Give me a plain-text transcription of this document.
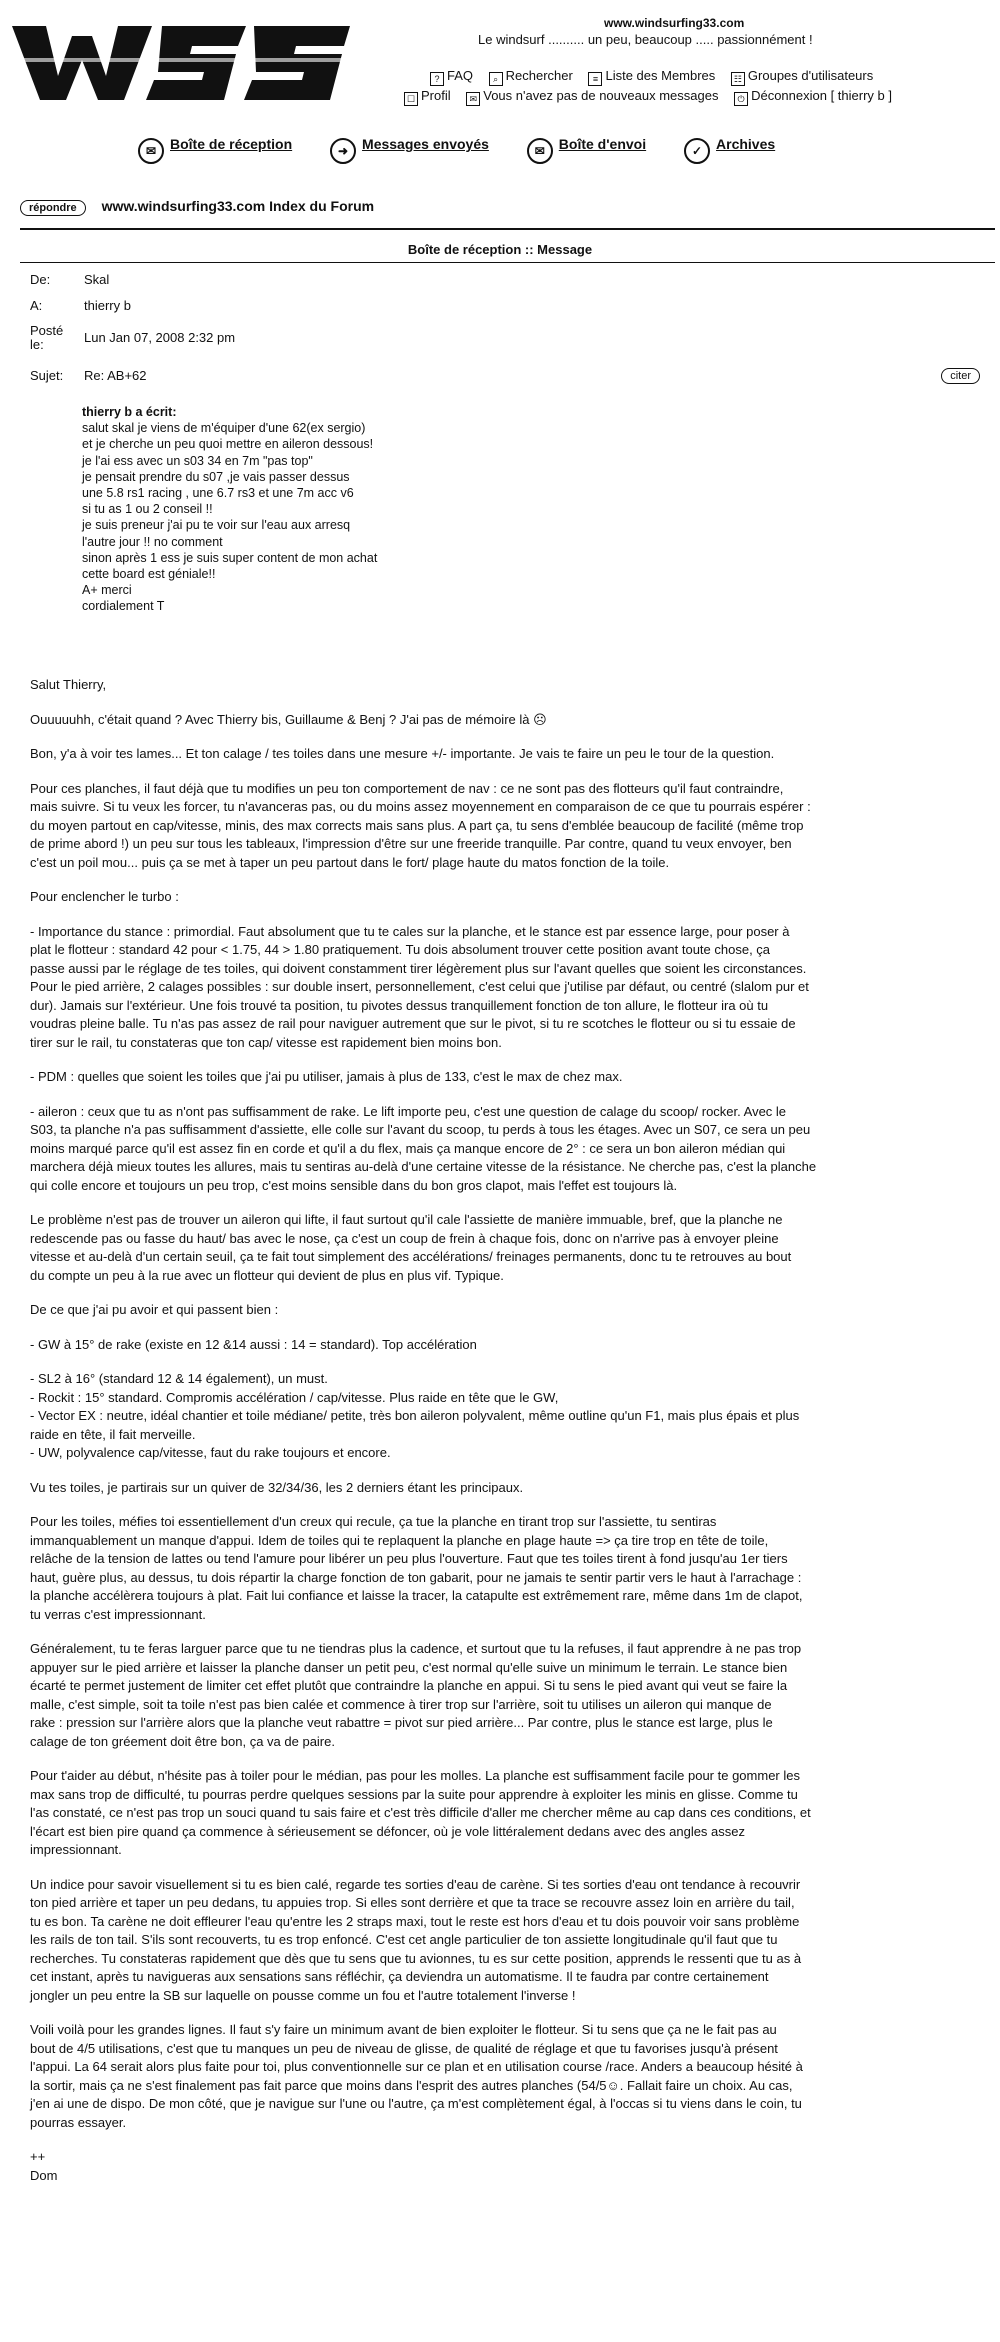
www.windsurfing33.com
Le windsurf .......... un peu, beaucoup ..... passionnément !
? FAQ ⌕ Rechercher ≡ Liste des Membres ☷ Groupes d'utilisateurs
☐ Profil ✉ Vous n'avez pas de nouveaux messages ⏻ Déconnexion [ thierry b ]
✉ Boîte de réception	➜ Messages envoyés	✉ Boîte d'envoi	✓ Archives
répondre www.windsurfing33.com Index du Forum
Boîte de réception :: Message
De:	Skal
A:	thierry b
Posté le:	Lun Jan 07, 2008 2:32 pm
Sujet:	Re: AB+62	citer
thierry b a écrit:
salut skal je viens de m'équiper d'une 62(ex sergio)
et je cherche un peu quoi mettre en aileron dessous!
je l'ai ess avec un s03 34 en 7m "pas top"
je pensait prendre du s07 ,je vais passer dessus
une 5.8 rs1 racing , une 6.7 rs3 et une 7m acc v6
si tu as 1 ou 2 conseil !!
je suis preneur j'ai pu te voir sur l'eau aux arresq
l'autre jour !! no comment
sinon après 1 ess je suis super content de mon achat
cette board est géniale!!
A+ merci
cordialement T

Salut Thierry,

Ouuuuuhh, c'était quand ? Avec Thierry bis, Guillaume & Benj ? J'ai pas de mémoire là ☹

Bon, y'a à voir tes lames... Et ton calage / tes toiles dans une mesure +/- importante. Je vais te faire un peu le tour de la question.

Pour ces planches, il faut déjà que tu modifies un peu ton comportement de nav : ce ne sont pas des flotteurs qu'il faut contraindre,
mais suivre. Si tu veux les forcer, tu n'avanceras pas, ou du moins assez moyennement en comparaison de ce que tu pourrais espérer :
du moyen partout en cap/vitesse, minis, des max corrects mais sans plus. A part ça, tu sens d'emblée beaucoup de facilité (même trop
de prime abord !) un peu sur tous les tableaux, l'impression d'être sur une freeride tranquille. Par contre, quand tu veux envoyer, ben
c'est un poil mou... puis ça se met à taper un peu partout dans le fort/ plage haute du matos fonction de la toile.

Pour enclencher le turbo :

- Importance du stance : primordial. Faut absolument que tu te cales sur la planche, et le stance est par essence large, pour poser à
plat le flotteur : standard 42 pour < 1.75, 44 > 1.80 pratiquement. Tu dois absolument trouver cette position avant toute chose, ça
passe aussi par le réglage de tes toiles, qui doivent constamment tirer légèrement plus sur l'avant quelles que soient les circonstances.
Pour le pied arrière, 2 calages possibles : sur double insert, personnellement, c'est celui que j'utilise par défaut, ou centré (slalom pur et
dur). Jamais sur l'extérieur. Une fois trouvé ta position, tu pivotes dessus tranquillement fonction de ton allure, le flotteur ira où tu
voudras pleine balle. Tu n'as pas assez de rail pour naviguer autrement que sur le pivot, si tu re scotches le flotteur ou si tu essaie de
tirer sur le rail, tu constateras que ton cap/ vitesse est rapidement bien moins bon.

- PDM : quelles que soient les toiles que j'ai pu utiliser, jamais à plus de 133, c'est le max de chez max.

- aileron : ceux que tu as n'ont pas suffisamment de rake. Le lift importe peu, c'est une question de calage du scoop/ rocker. Avec le
S03, ta planche n'a pas suffisamment d'assiette, elle colle sur l'avant du scoop, tu perds à tous les étages. Avec un S07, ce sera un peu
moins marqué parce qu'il est assez fin en corde et qu'il a du flex, mais ça manque encore de 2° : ce sera un bon aileron médian qui
marchera déjà mieux toutes les allures, mais tu sentiras au-delà d'une certaine vitesse de la résistance. Ne cherche pas, c'est la planche
qui colle encore et toujours un peu trop, c'est moins sensible dans du bon gros clapot, mais l'effet est toujours là.

Le problème n'est pas de trouver un aileron qui lifte, il faut surtout qu'il cale l'assiette de manière immuable, bref, que la planche ne
redescende pas ou fasse du haut/ bas avec le nose, ça c'est un coup de frein à chaque fois, donc on n'arrive pas à envoyer pleine
vitesse et au-delà d'un certain seuil, ça te fait tout simplement des accélérations/ freinages permanents, donc tu te retrouves au bout
du compte un peu à la rue avec un flotteur qui devient de plus en plus vif. Typique.

De ce que j'ai pu avoir et qui passent bien :

- GW à 15° de rake (existe en 12 &14 aussi : 14 = standard). Top accélération

- SL2 à 16° (standard 12 & 14 également), un must.
- Rockit : 15° standard. Compromis accélération / cap/vitesse. Plus raide en tête que le GW,
- Vector EX : neutre, idéal chantier et toile médiane/ petite, très bon aileron polyvalent, même outline qu'un F1, mais plus épais et plus
raide en tête, il fait merveille.
- UW, polyvalence cap/vitesse, faut du rake toujours et encore.

Vu tes toiles, je partirais sur un quiver de 32/34/36, les 2 derniers étant les principaux.

Pour les toiles, méfies toi essentiellement d'un creux qui recule, ça tue la planche en tirant trop sur l'assiette, tu sentiras
immanquablement un manque d'appui. Idem de toiles qui te replaquent la planche en plage haute => ça tire trop en tête de toile,
relâche de la tension de lattes ou tend l'amure pour libérer un peu plus l'ouverture. Faut que tes toiles tirent à fond jusqu'au 1er tiers
haut, guère plus, au dessus, tu dois répartir la charge fonction de ton gabarit, pour ne jamais te sentir partir vers le haut à l'arrachage :
la planche accélèrera toujours à plat. Fait lui confiance et laisse la tracer, la catapulte est extrêmement rare, même dans 1m de clapot,
tu verras c'est impressionnant.

Généralement, tu te feras larguer parce que tu ne tiendras plus la cadence, et surtout que tu la refuses, il faut apprendre à ne pas trop
appuyer sur le pied arrière et laisser la planche danser un petit peu, c'est normal qu'elle suive un minimum le terrain. Le stance bien
écarté te permet justement de limiter cet effet plutôt que contraindre la planche en appui. Si tu sens le pied avant qui veut se faire la
malle, c'est simple, soit ta toile n'est pas bien calée et commence à tirer trop sur l'arrière, soit tu utilises un aileron qui manque de
rake : pression sur l'arrière alors que la planche veut rabattre = pivot sur pied arrière... Par contre, plus le stance est large, plus le
calage de ton gréement doit être bon, ça va de paire.

Pour t'aider au début, n'hésite pas à toiler pour le médian, pas pour les molles. La planche est suffisamment facile pour te gommer les
max sans trop de difficulté, tu pourras perdre quelques sessions par la suite pour apprendre à exploiter les minis en glisse. Comme tu
l'as constaté, ce n'est pas trop un souci quand tu sais faire et c'est très difficile d'aller me chercher même au cap dans ces conditions, et
l'écart est bien pire quand ça commence à sérieusement se défoncer, où je vole littéralement dedans avec des angles assez
impressionnant.

Un indice pour savoir visuellement si tu es bien calé, regarde tes sorties d'eau de carène. Si tes sorties d'eau ont tendance à recouvrir
ton pied arrière et taper un peu dedans, tu appuies trop. Si elles sont derrière et que ta trace se recouvre assez loin en arrière du tail,
tu es bon. Ta carène ne doit effleurer l'eau qu'entre les 2 straps maxi, tout le reste est hors d'eau et tu dois pouvoir voir sans problème
les rails de ton tail. S'ils sont recouverts, tu es trop enfoncé. C'est cet angle particulier de ton assiette longitudinale qu'il faut que tu
recherches. Tu constateras rapidement que dès que tu sens que tu avionnes, tu es sur cette position, apprends le ressenti que tu as à
cet instant, après tu navigueras aux sensations sans réfléchir, ça deviendra un automatisme. Il te faudra par contre certainement
jongler un peu entre la SB sur laquelle on pousse comme un fou et l'autre totalement l'inverse !

Voili voilà pour les grandes lignes. Il faut s'y faire un minimum avant de bien exploiter le flotteur. Si tu sens que ça ne le fait pas au
bout de 4/5 utilisations, c'est que tu manques un peu de niveau de glisse, de qualité de réglage et que tu favorises jusqu'à présent
l'appui. La 64 serait alors plus faite pour toi, plus conventionnelle sur ce plan et en utilisation course /race. Anders a beaucoup hésité à
la sortir, mais ça ne s'est finalement pas fait parce que moins dans l'esprit des autres planches (54/5☺. Fallait faire un choix. Au cas,
j'en ai une de dispo. De mon côté, que je navigue sur l'une ou l'autre, ça m'est complètement égal, à l'occas si tu viens dans le coin, tu
pourras essayer.

++
Dom
